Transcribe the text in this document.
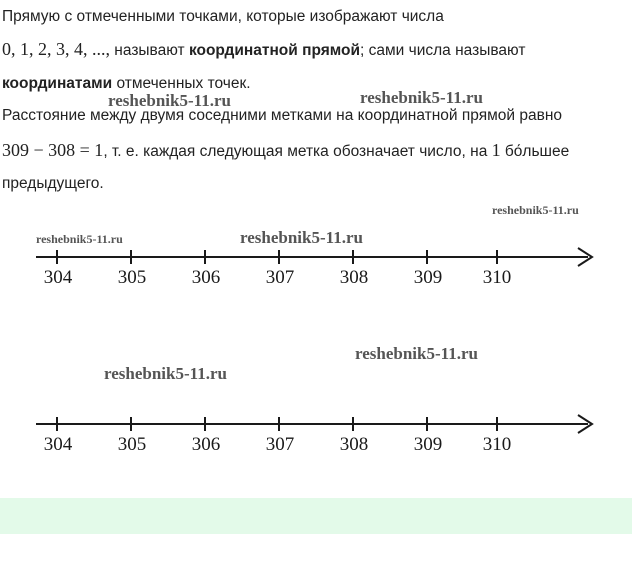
Прямую с отмеченными точками, которые изображают числа
0, 1, 2, 3, 4, ..., называют координатной прямой; сами числа называют
координатами отмеченных точек.
Расстояние между двумя соседними метками на координатной прямой равно
309 − 308 = 1, т. е. каждая следующая метка обозначает число, на 1 бо́льшее
предыдущего.
reshebnik5-11.ru	reshebnik5-11.ru
reshebnik5-11.ru
reshebnik5-11.ru	reshebnik5-11.ru
reshebnik5-11.ru
reshebnik5-11.ru
304 305 306 307 308 309 310
304 305 306 307 308 309 310
